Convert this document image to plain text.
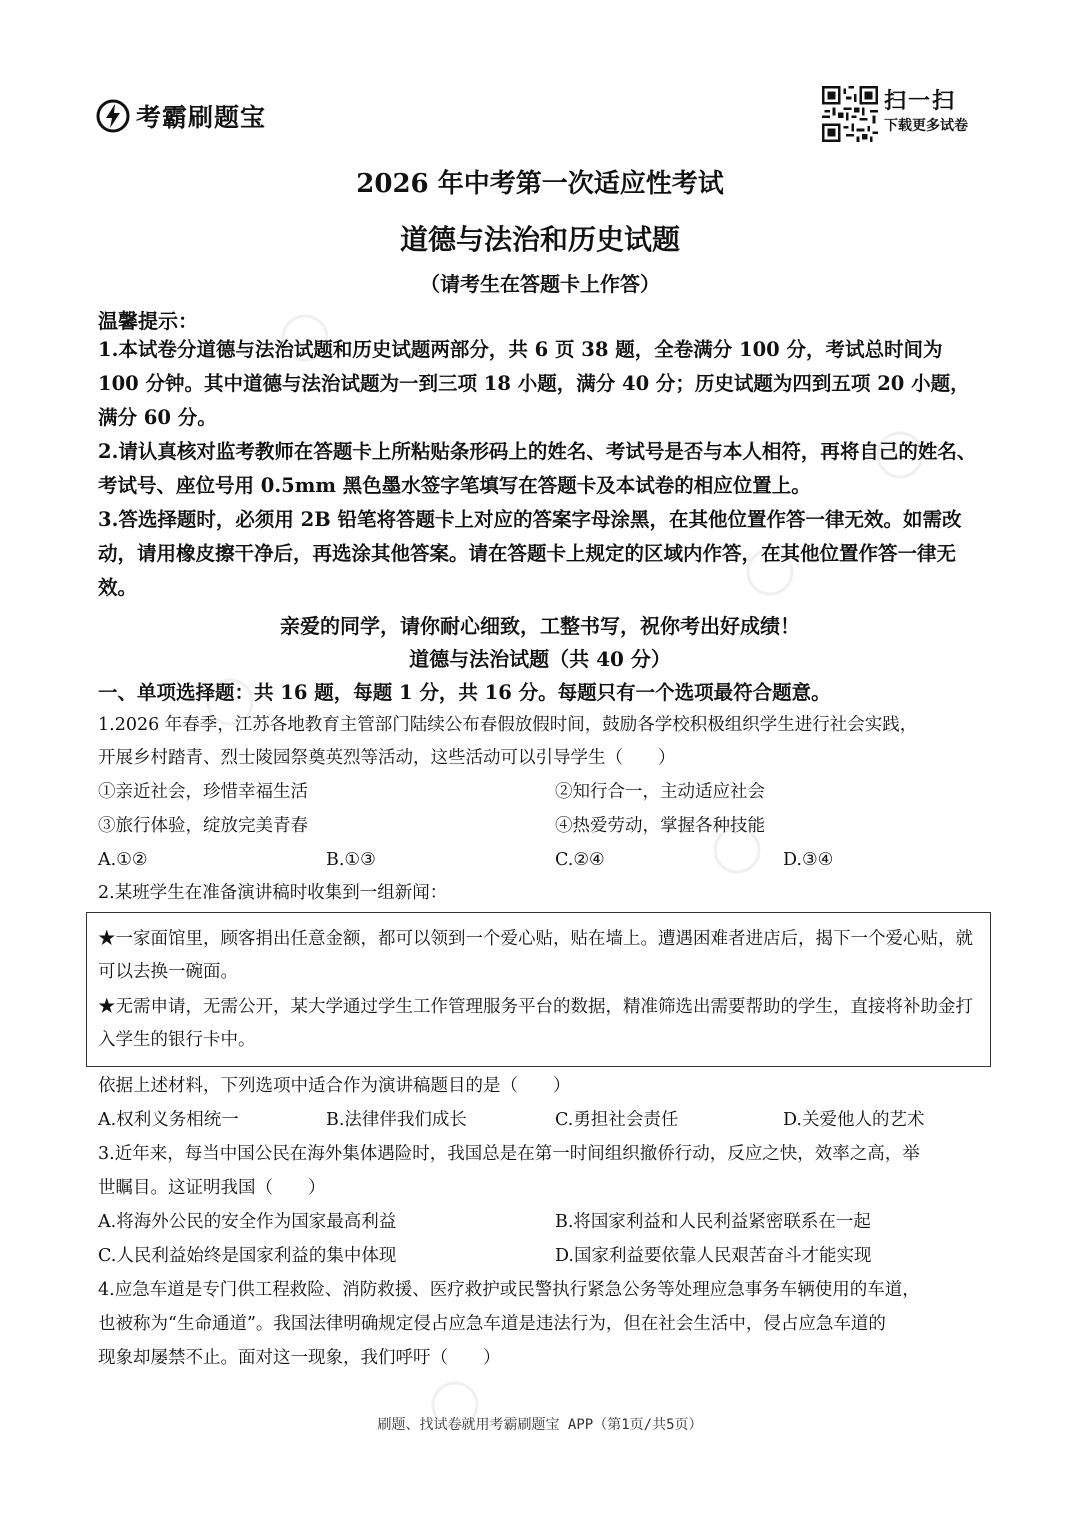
考霸刷题宝
扫一扫
下载更多试卷
2026 年中考第一次适应性考试
道德与法治和历史试题
（请考生在答题卡上作答）
温馨提示：

1.本试卷分道德与法治试题和历史试题两部分，共 6 页 38 题，全卷满分 100 分，考试总时间为 100 分钟。其中道德与法治试题为一到三项 18 小题，满分 40 分；历史试题为四到五项 20 小题，满分 60 分。

2.请认真核对监考教师在答题卡上所粘贴条形码上的姓名、考试号是否与本人相符，再将自己的姓名、考试号、座位号用 0.5mm 黑色墨水签字笔填写在答题卡及本试卷的相应位置上。

3.答选择题时，必须用 2B 铅笔将答题卡上对应的答案字母涂黑，在其他位置作答一律无效。如需改动，请用橡皮擦干净后，再选涂其他答案。请在答题卡上规定的区域内作答，在其他位置作答一律无效。

亲爱的同学，请你耐心细致，工整书写，祝你考出好成绩！
道德与法治试题（共 40 分）
一、单项选择题：共 16 题，每题 1 分，共 16 分。每题只有一个选项最符合题意。
1.2026 年春季，江苏各地教育主管部门陆续公布春假放假时间，鼓励各学校积极组织学生进行社会实践，
开展乡村踏青、烈士陵园祭奠英烈等活动，这些活动可以引导学生（　　）
①亲近社会，珍惜幸福生活	②知行合一，主动适应社会
③旅行体验，绽放完美青春	④热爱劳动，掌握各种技能
A.①②	B.①③	C.②④	D.③④
2.某班学生在准备演讲稿时收集到一组新闻：

★一家面馆里，顾客捐出任意金额，都可以领到一个爱心贴，贴在墙上。遭遇困难者进店后，揭下一个爱心贴，就可以去换一碗面。

★无需申请，无需公开，某大学通过学生工作管理服务平台的数据，精准筛选出需要帮助的学生，直接将补助金打入学生的银行卡中。

依据上述材料，下列选项中适合作为演讲稿题目的是（　　）
A.权利义务相统一	B.法律伴我们成长	C.勇担社会责任	D.关爱他人的艺术
3.近年来，每当中国公民在海外集体遇险时，我国总是在第一时间组织撤侨行动，反应之快，效率之高，举
世瞩目。这证明我国（　　）
A.将海外公民的安全作为国家最高利益	B.将国家利益和人民利益紧密联系在一起
C.人民利益始终是国家利益的集中体现	D.国家利益要依靠人民艰苦奋斗才能实现
4.应急车道是专门供工程救险、消防救援、医疗救护或民警执行紧急公务等处理应急事务车辆使用的车道，
也被称为“生命通道”。我国法律明确规定侵占应急车道是违法行为，但在社会生活中，侵占应急车道的
现象却屡禁不止。面对这一现象，我们呼吁（　　）
刷题、找试卷就用考霸刷题宝 APP（第1页/共5页）
